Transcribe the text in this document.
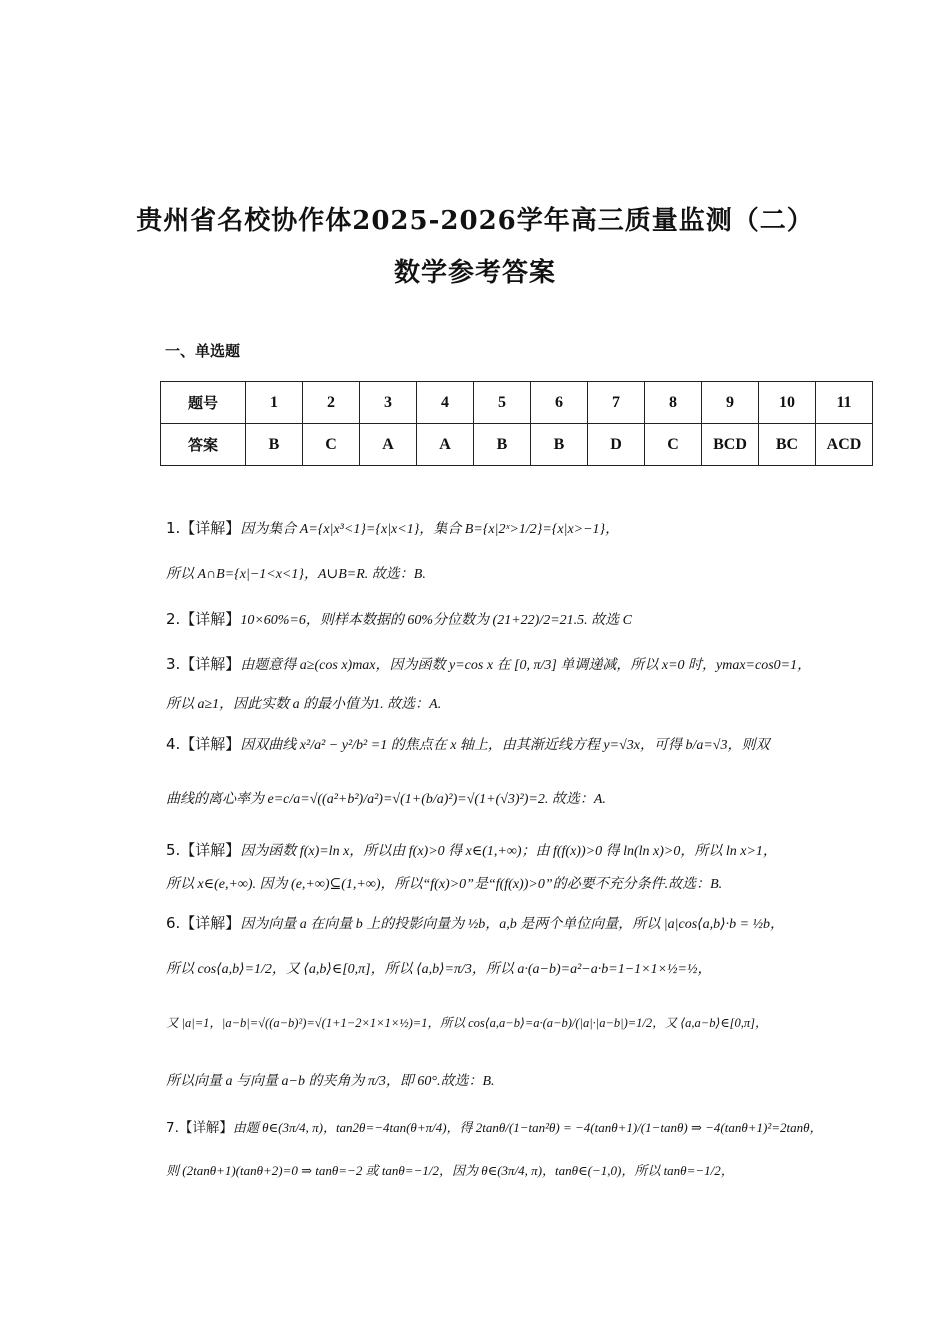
贵州省名校协作体2025-2026学年高三质量监测（二）
数学参考答案
一、单选题
题号	1	2	3	4	5	6	7	8	9	10	11
答案	B	C	A	A	B	B	D	C	BCD	BC	ACD
1.【详解】因为集合 A={x|x³<1}={x|x<1}，集合 B={x|2ˣ>1/2}={x|x>−1}，
所以 A∩B={x|−1<x<1}，A∪B=R. 故选：B.
2.【详解】10×60%=6，则样本数据的 60%分位数为 (21+22)/2=21.5. 故选 C
3.【详解】由题意得 a≥(cos x)max，因为函数 y=cos x 在 [0, π/3] 单调递减，所以 x=0 时，ymax=cos0=1，
所以 a≥1，因此实数 a 的最小值为1. 故选：A.
4.【详解】因双曲线 x²/a² − y²/b² =1 的焦点在 x 轴上，由其渐近线方程 y=√3x，可得 b/a=√3，则双
曲线的离心率为 e=c/a=√((a²+b²)/a²)=√(1+(b/a)²)=√(1+(√3)²)=2. 故选：A.
5.【详解】因为函数 f(x)=ln x，所以由 f(x)>0 得 x∈(1,+∞)；由 f(f(x))>0 得 ln(ln x)>0，所以 ln x>1，
所以 x∈(e,+∞). 因为 (e,+∞)⊆(1,+∞)，所以“f(x)>0”是“f(f(x))>0”的必要不充分条件.故选：B.
6.【详解】因为向量 a 在向量 b 上的投影向量为 ½b，a,b 是两个单位向量，所以 |a|cos⟨a,b⟩·b = ½b，
所以 cos⟨a,b⟩=1/2，又 ⟨a,b⟩∈[0,π]，所以 ⟨a,b⟩=π/3，所以 a·(a−b)=a²−a·b=1−1×1×½=½，
又 |a|=1，|a−b|=√((a−b)²)=√(1+1−2×1×1×½)=1，所以 cos⟨a,a−b⟩=a·(a−b)/(|a|·|a−b|)=1/2，又 ⟨a,a−b⟩∈[0,π]，
所以向量 a 与向量 a−b 的夹角为 π/3，即 60°.故选：B.
7.【详解】由题 θ∈(3π/4, π)，tan2θ=−4tan(θ+π/4)，得 2tanθ/(1−tan²θ) = −4(tanθ+1)/(1−tanθ) ⇒ −4(tanθ+1)²=2tanθ，
则 (2tanθ+1)(tanθ+2)=0 ⇒ tanθ=−2 或 tanθ=−1/2，因为 θ∈(3π/4, π)，tanθ∈(−1,0)，所以 tanθ=−1/2，
